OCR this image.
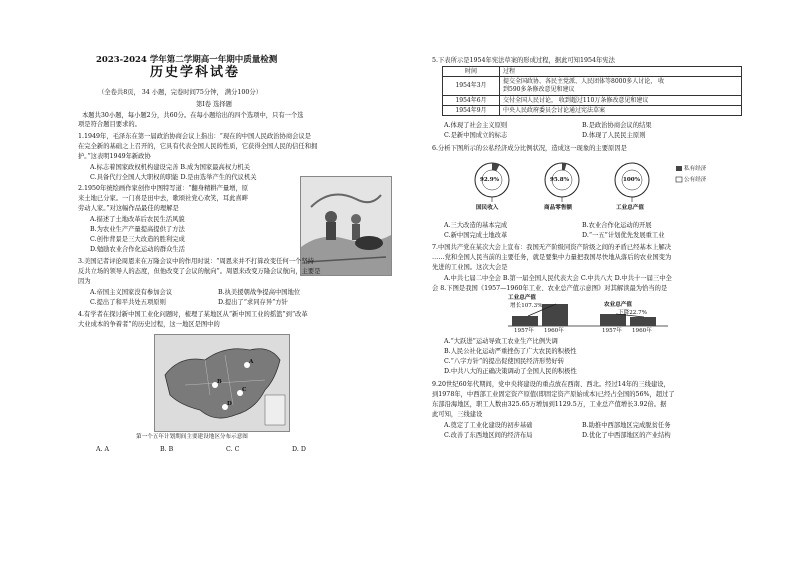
2023-2024 学年第二学期高一年期中质量检测
历史学科试卷
（全卷共8页， 34 小题，完卷时间75分钟， 满分100分）
第Ⅰ卷 选择题
本题共30小题，每小题2分，共60分。在每小题给出的四个选项中，只有一个选
项是符合题目要求的。
1.1949年，毛泽东在第一届政治协商会议上指出：“现在的中国人民政治协商会议是
在完全新的基础之上召开的，它具有代表全国人民的性质，它获得全国人民的信任和拥
护。”这表明1949年新政协
A.标志着国家政权机构建设完善 B.成为国家最高权力机关
C.具备代行全国人大职权的职能 D.是由选举产生的代议机关
2.1950年统绘画作家创作中图特写道：“翻身精耕产量增，原
来土地已分家。一门喜是田中去，歌颂社党心欢笑，耳此喜畔
劳动人家。”对这幅作品最佳的理解是
A.描述了土地改革后农民生活风貌
B.为农业生产产量提高提供了方法
C.创作背景是三大改造的胜利完成
D.勉励农业合作化运动的群众生活
3.美国记者评论周恩来在万隆会议中的作用时说：“周恩来并不打算改变任何一个坚持
反共立场的领导人的态度，但他改变了会议的航向”。周恩来改变万隆会议航向，主要是
因为
A.帝国主义国家没有参加会议	B.执美援朝战争提高中国地位
C.提出了和平共处五项原则	D.提出了“求同存异”方针
4.有学者在探讨新中国工业化问题时，梳理了某地区从“新中国工业的摇篮”到“改革
大业成本的争着者”的历史过程，这一地区是图中的
A
B
C
D
第一个五年计划期间主要建设地区分布示意图
A. A	B. B	C. C	D. D
5.下表所示是1954年宪法草案的形成过程，据此可知1954年宪法
时间	过程
1954年3月	提交全国政协、各民主党派、人民团体等8000多人讨论， 收
到590多条修改意见和建议

1954年6月	交付全国人民讨论， 收到超过110万条修改意见和建议
1954年9月	中央人民政府委员会讨论通过宪法草案
A.体现了社会主义原则	B.是政治协商会议的结果
C.是新中国成立的标志	D.体现了人民民主原则
6.分析下图所示的公私经济成分比例状况，造成这一现象的主要原因是
92.9%	95.8%	100%
国民收入	商品零售额	工业总产值
私有经济
公有经济
A.三大改造的基本完成	B.农业合作化运动的开展
C.新中国完成土地改革	D.“一五”计划优先发展重工业
7.中国共产党在某次大会上宣布：我国无产阶级同资产阶级之间的矛盾已经基本上解决
……党和全国人民当前的主要任务，就是要集中力量把我国尽快地从落后的农业国变为
先进的工业国。这次大会是
A.中共七届二中全会 B.第一届全国人民代表大会 C.中共八大 D.中共十一届三中全
会 8.下图是我国《1957—1960年工业、农业总产值示意图》对其解读最为恰当的是
工业总产值
增长107.3%	农业总产值
下降22.7%
1957年 1960年	1957年 1960年
A.“大跃进”运动导致工农业生产比例失调
B.人民公社化运动严重挫伤了广大农民的积极性
C.“八字方针”的提出促使国民经济形势好转
D.中共八大的正确决策调动了全国人民的积极性
9.20世纪60年代期间，党中央将建设的重点放在西南、西北。经过14年的三线建设，
到1978年，中西部工业固定资产原值(即固定资产原始成本)已经占全国的56%，超过了
东部沿海地区，职工人数由325.65万增加到1129.5万，工业总产值增长3.92倍。据
此可知，三线建设
A.奠定了工业化建设的初步基础	B.助推中西部地区完成脱贫任务
C.改善了东西地区间的经济布局	D.优化了中西部地区的产业结构
